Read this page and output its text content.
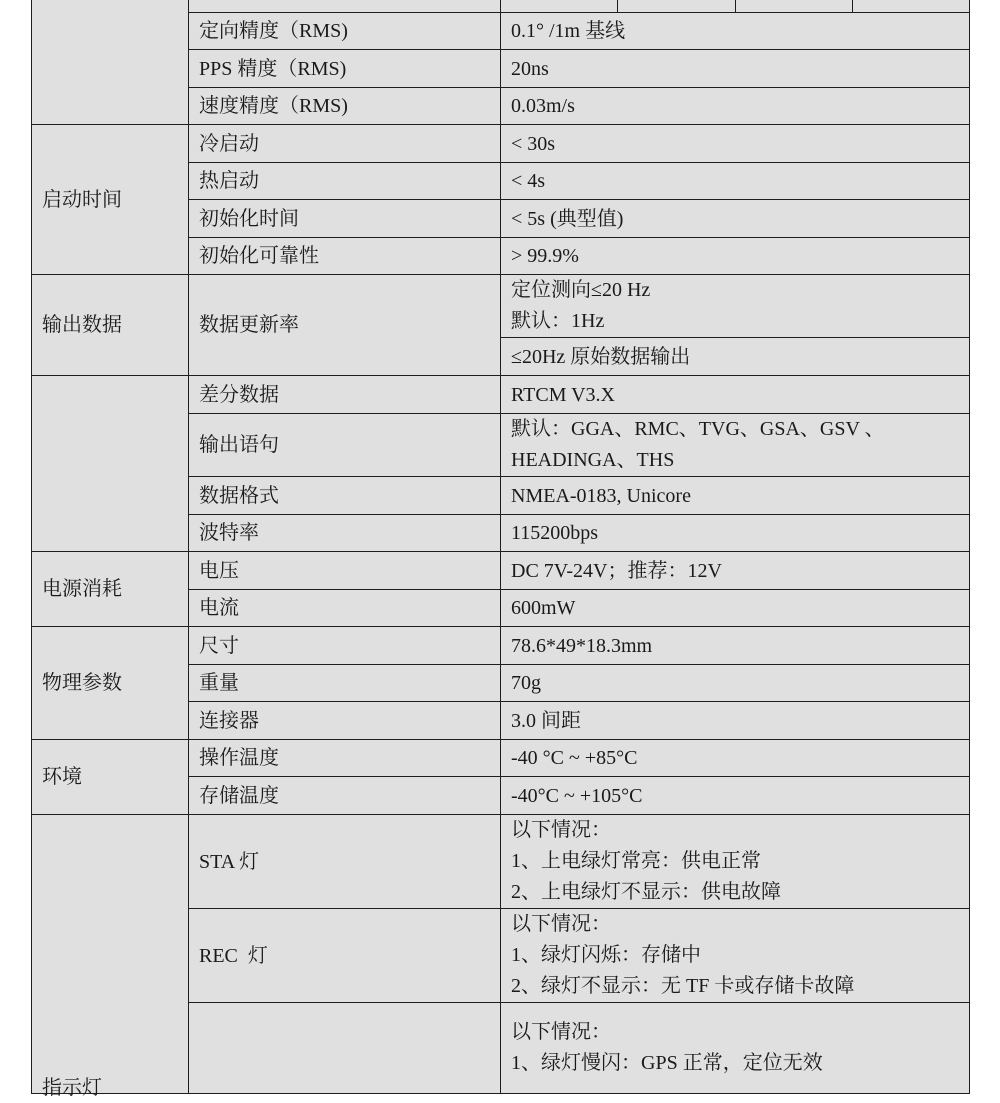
	定向精度（RMS)	0.1° /1m 基线
	PPS 精度（RMS)	20ns
	速度精度（RMS)	0.03m/s
启动时间	冷启动	< 30s
	热启动	< 4s
	初始化时间	< 5s (典型值)
	初始化可靠性	> 99.9%
输出数据	数据更新率	定位测向≤20 Hz
默认：1Hz

		≤20Hz 原始数据输出
	差分数据	RTCM V3.X
	输出语句	默认：GGA、RMC、TVG、GSA、GSV 、
HEADINGA、THS

	数据格式	NMEA-0183, Unicore
	波特率	115200bps
电源消耗	电压	DC 7V-24V；推荐：12V
	电流	600mW
物理参数	尺寸	78.6*49*18.3mm
	重量	70g
	连接器	3.0 间距
环境	操作温度	-40 °C ~ +85°C
	存储温度	-40°C ~ +105°C

指示灯	STA 灯	以下情况：
1、上电绿灯常亮：供电正常
2、上电绿灯不显示：供电故障

	REC  灯	以下情况：
1、绿灯闪烁：存储中
2、绿灯不显示：无 TF 卡或存储卡故障

		以下情况：
1、绿灯慢闪：GPS 正常，定位无效
